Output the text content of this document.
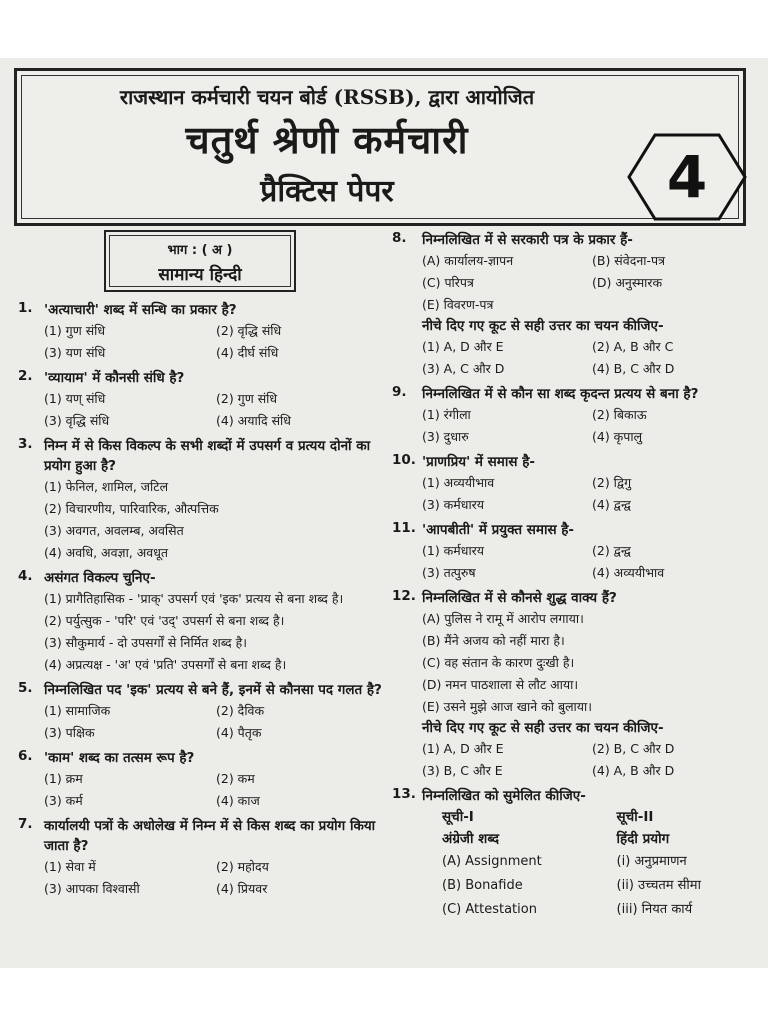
राजस्थान कर्मचारी चयन बोर्ड (RSSB), द्वारा आयोजित
चतुर्थ श्रेणी कर्मचारी
प्रैक्टिस पेपर	4
भाग : ( अ )
सामान्य हिन्दी
1. 'अत्याचारी' शब्द में सन्धि का प्रकार है?
(1) गुण संधि	(2) वृद्धि संधि
(3) यण संधि	(4) दीर्घ संधि
2. 'व्यायाम' में कौनसी संधि है?
(1) यण् संधि	(2) गुण संधि
(3) वृद्धि संधि	(4) अयादि संधि
3. निम्न में से किस विकल्प के सभी शब्दों में उपसर्ग व प्रत्यय दोनों का प्रयोग हुआ है?
(1) फेनिल, शामिल, जटिल
(2) विचारणीय, पारिवारिक, औत्पत्तिक
(3) अवगत, अवलम्ब, अवसित
(4) अवधि, अवज्ञा, अवधूत
4. असंगत विकल्प चुनिए-
(1) प्रागैतिहासिक - 'प्राक्' उपसर्ग एवं 'इक' प्रत्यय से बना शब्द है।
(2) पर्युत्सुक - 'परि' एवं 'उद्' उपसर्ग से बना शब्द है।
(3) सौकुमार्य - दो उपसर्गों से निर्मित शब्द है।
(4) अप्रत्यक्ष - 'अ' एवं 'प्रति' उपसर्गों से बना शब्द है।
5. निम्नलिखित पद 'इक' प्रत्यय से बने हैं, इनमें से कौनसा पद गलत है?
(1) सामाजिक	(2) दैविक
(3) पक्षिक	(4) पैतृक
6. 'काम' शब्द का तत्सम रूप है?
(1) क्रम	(2) कम
(3) कर्म	(4) काज
7. कार्यालयी पत्रों के अधोलेख में निम्न में से किस शब्द का प्रयोग किया जाता है?
(1) सेवा में	(2) महोदय
(3) आपका विश्वासी	(4) प्रियवर
8.	निम्नलिखित में से सरकारी पत्र के प्रकार हैं-
(A) कार्यालय-ज्ञापन	(B) संवेदना-पत्र
(C) परिपत्र	(D) अनुस्मारक
(E) विवरण-पत्र
नीचे दिए गए कूट से सही उत्तर का चयन कीजिए-
(1) A, D और E	(2) A, B और C
(3) A, C और D	(4) B, C और D
9.	निम्नलिखित में से कौन सा शब्द कृदन्त प्रत्यय से बना है?
(1) रंगीला	(2) बिकाऊ
(3) दुधारु	(4) कृपालु
10. 'प्राणप्रिय' में समास है-
(1) अव्ययीभाव	(2) द्विगु
(3) कर्मधारय	(4) द्वन्द्व
11. 'आपबीती' में प्रयुक्त समास है-
(1) कर्मधारय	(2) द्वन्द्व
(3) तत्पुरुष	(4) अव्ययीभाव
12. निम्नलिखित में से कौनसे शुद्ध वाक्य हैं?
(A) पुलिस ने रामू में आरोप लगाया।
(B) मैंने अजय को नहीं मारा है।
(C) वह संतान के कारण दुःखी है।
(D) नमन पाठशाला से लौट आया।
(E) उसने मुझे आज खाने को बुलाया।
नीचे दिए गए कूट से सही उत्तर का चयन कीजिए-
(1) A, D और E	(2) B, C और D
(3) B, C और E	(4) A, B और D
13. निम्नलिखित को सुमेलित कीजिए-
सूची-I	सूची-II
अंग्रेजी शब्द	हिंदी प्रयोग
(A) Assignment	(i) अनुप्रमाणन
(B) Bonafide	(ii) उच्चतम सीमा
(C) Attestation	(iii) नियत कार्य
